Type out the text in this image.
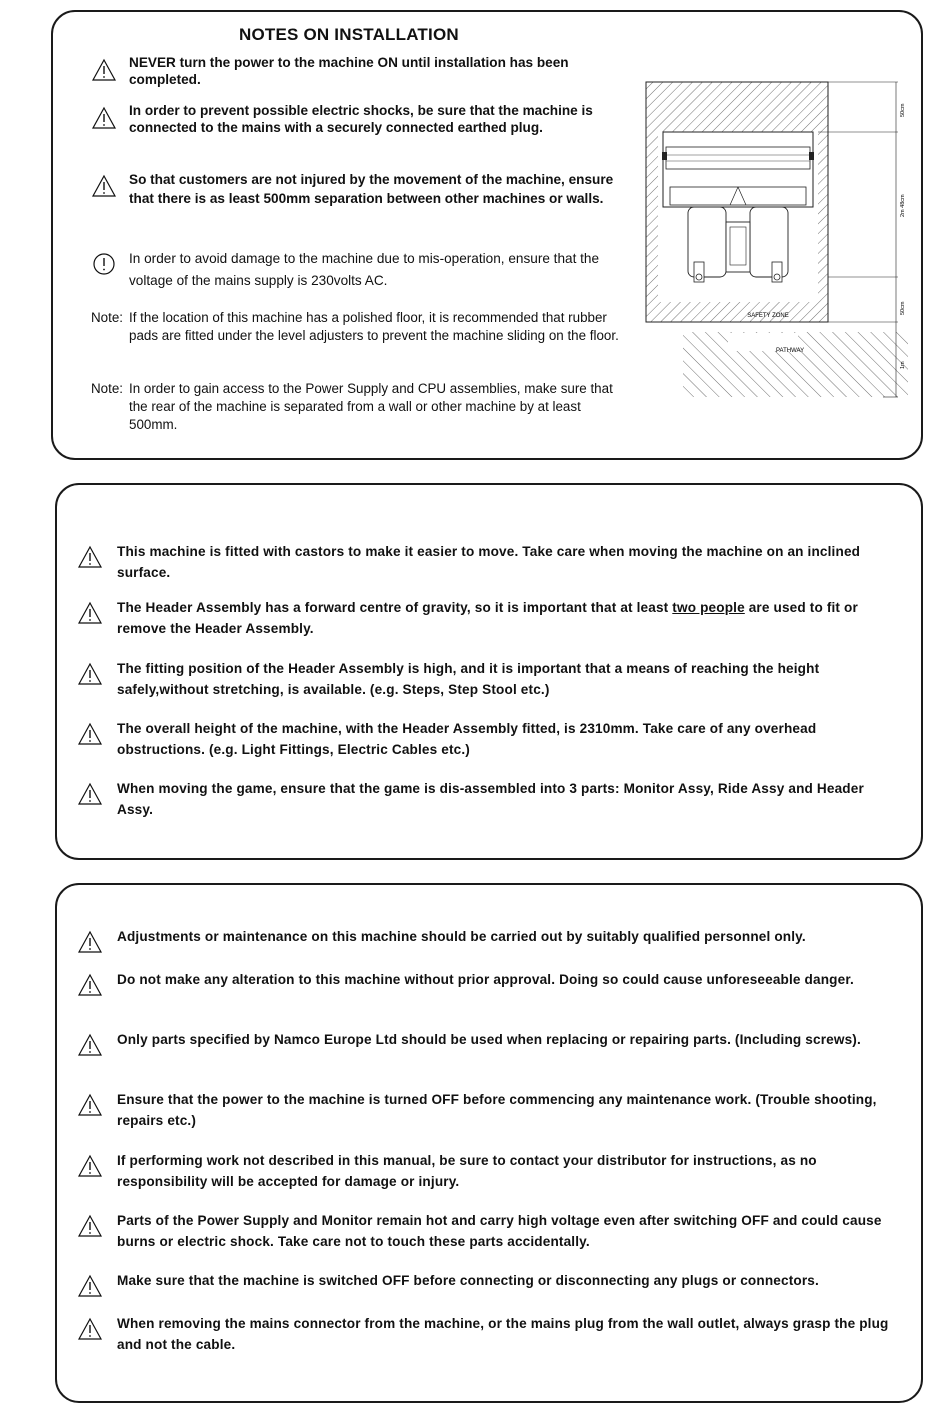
NOTES ON INSTALLATION
NEVER turn the power to the machine ON until installation has been completed.
In order to prevent possible electric shocks, be sure that the machine is connected to the mains with a securely connected earthed plug.
So that customers are not injured by the movement of the machine, ensure that there is as least 500mm separation between other machines or walls.
In order to avoid damage to the machine due to mis-operation, ensure that the voltage of the mains supply is 230volts AC.
Note: If the location of this machine has a polished floor, it is recommended that rubber pads are fitted under the level adjusters to prevent the machine sliding on the floor.
Note: In order to gain access to the Power Supply and CPU assemblies, make sure that the rear of the machine is separated from a wall or other machine by at least 500mm.
SAFETY ZONE
PATHWAY
50cm
2m 48cm
50cm
1m
This machine is fitted with castors to make it easier to move. Take care when moving the machine on an inclined surface.
The Header Assembly has a forward centre of gravity, so it is important that at least two people are used to fit or remove the Header Assembly.
The fitting position of the Header Assembly is high, and it is important that a means of reaching the height safely,without stretching, is available. (e.g. Steps, Step Stool etc.)
The overall height of the machine, with the Header Assembly fitted, is 2310mm. Take care of any overhead obstructions. (e.g. Light Fittings, Electric Cables etc.)
When moving the game, ensure that the game is dis-assembled into 3 parts: Monitor Assy, Ride Assy and Header Assy.
Adjustments or maintenance on this machine should be carried out by suitably qualified personnel only.
Do not make any alteration to this machine without prior approval. Doing so could cause unforeseeable danger.
Only parts specified by Namco Europe Ltd should be used when replacing or repairing parts. (Including screws).
Ensure that the power to the machine is turned OFF before commencing any maintenance work. (Trouble shooting, repairs etc.)
If performing work not described in this manual, be sure to contact your distributor for instructions, as no responsibility will be accepted for damage or injury.
Parts of the Power Supply and Monitor remain hot and carry high voltage even after switching OFF and could cause burns or electric shock. Take care not to touch these parts accidentally.
Make sure that the machine is switched OFF before connecting or disconnecting any plugs or connectors.
When removing the mains connector from the machine, or the mains plug from the wall outlet, always grasp the plug and not the cable.
